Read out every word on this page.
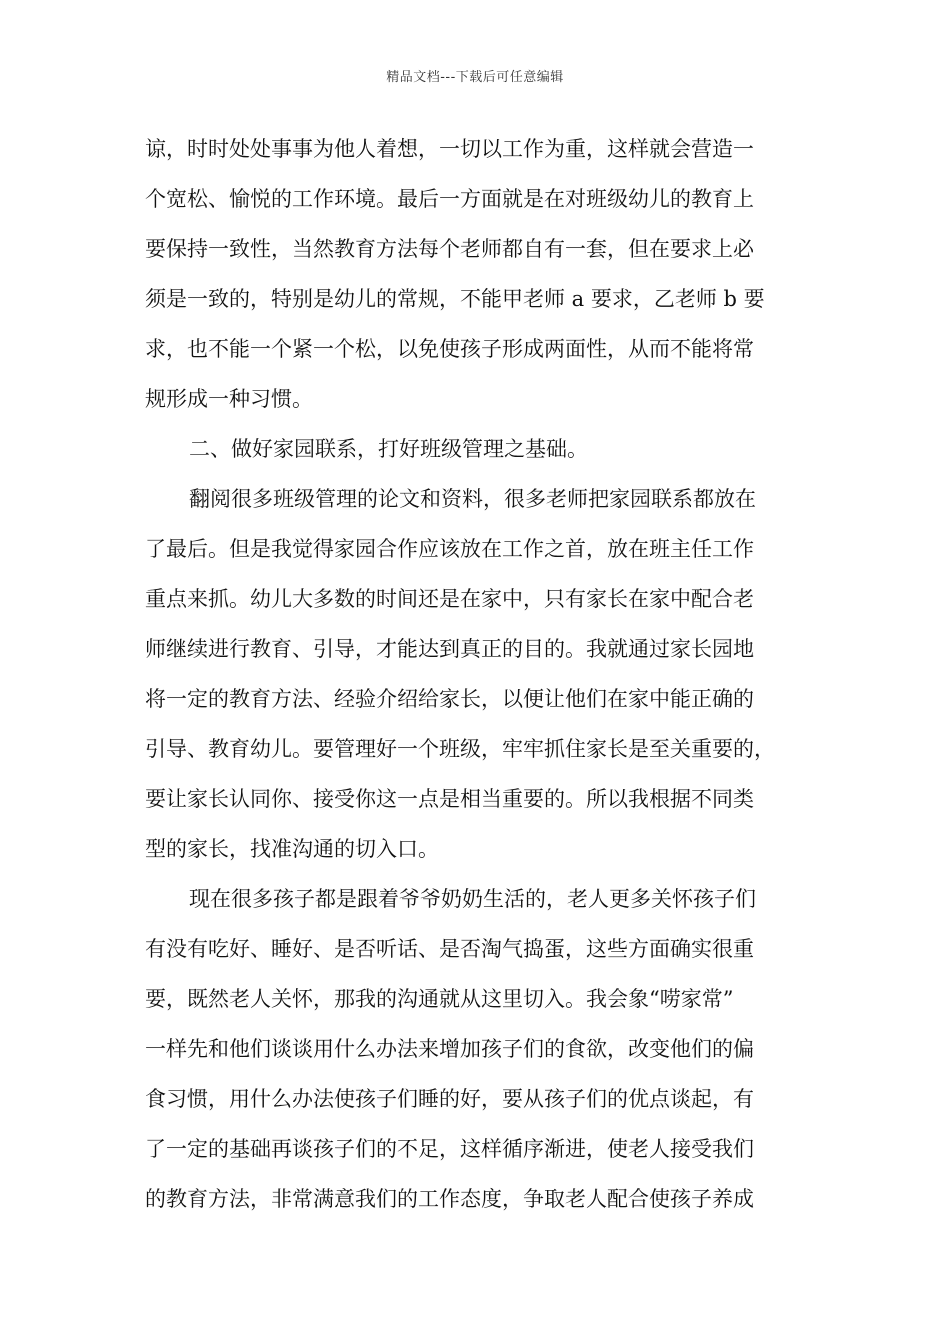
精品文档---下载后可任意编辑
谅，时时处处事事为他人着想，一切以工作为重，这样就会营造一
个宽松、愉悦的工作环境。最后一方面就是在对班级幼儿的教育上
要保持一致性，当然教育方法每个老师都自有一套，但在要求上必
须是一致的，特别是幼儿的常规，不能甲老师 a 要求，乙老师 b 要
求，也不能一个紧一个松，以免使孩子形成两面性，从而不能将常
规形成一种习惯。
二、做好家园联系，打好班级管理之基础。
翻阅很多班级管理的论文和资料，很多老师把家园联系都放在
了最后。但是我觉得家园合作应该放在工作之首，放在班主任工作
重点来抓。幼儿大多数的时间还是在家中，只有家长在家中配合老
师继续进行教育、引导，才能达到真正的目的。我就通过家长园地
将一定的教育方法、经验介绍给家长，以便让他们在家中能正确的
引导、教育幼儿。要管理好一个班级，牢牢抓住家长是至关重要的，
要让家长认同你、接受你这一点是相当重要的。所以我根据不同类
型的家长，找准沟通的切入口。
现在很多孩子都是跟着爷爷奶奶生活的，老人更多关怀孩子们
有没有吃好、睡好、是否听话、是否淘气捣蛋，这些方面确实很重
要，既然老人关怀，那我的沟通就从这里切入。我会象“唠家常”
一样先和他们谈谈用什么办法来增加孩子们的食欲，改变他们的偏
食习惯，用什么办法使孩子们睡的好，要从孩子们的优点谈起，有
了一定的基础再谈孩子们的不足，这样循序渐进，使老人接受我们
的教育方法，非常满意我们的工作态度，争取老人配合使孩子养成
